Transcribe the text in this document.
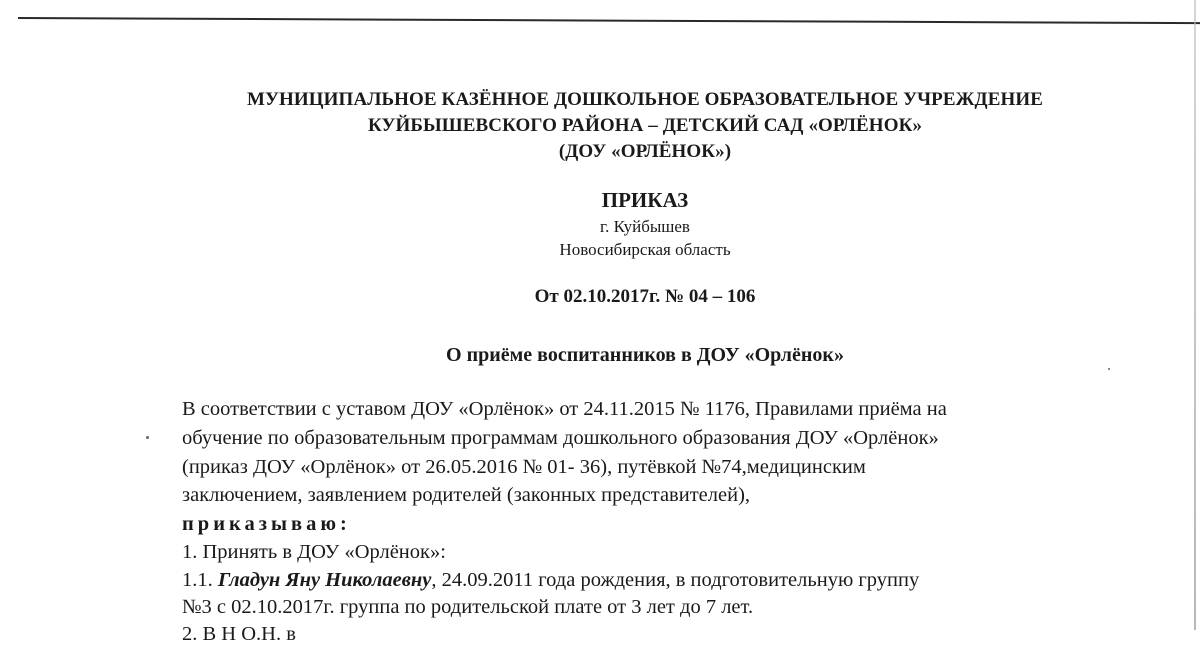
МУНИЦИПАЛЬНОЕ КАЗЁННОЕ ДОШКОЛЬНОЕ ОБРАЗОВАТЕЛЬНОЕ УЧРЕЖДЕНИЕ
КУЙБЫШЕВСКОГО РАЙОНА – ДЕТСКИЙ САД «ОРЛЁНОК»
(ДОУ «ОРЛЁНОК»)
ПРИКАЗ
г. Куйбышев
Новосибирская область
От 02.10.2017г. № 04 – 106
О приёме воспитанников в ДОУ «Орлёнок»
В соответствии с уставом ДОУ «Орлёнок» от 24.11.2015 № 1176, Правилами приёма на
обучение по образовательным программам дошкольного образования ДОУ «Орлёнок»
(приказ ДОУ «Орлёнок» от 26.05.2016 № 01- 36), путёвкой №74,медицинским
заключением, заявлением родителей (законных представителей),
приказываю:
1. Принять в ДОУ «Орлёнок»:
1.1. Гладун Яну Николаевну, 24.09.2011 года рождения, в подготовительную группу
№3 с 02.10.2017г. группа по родительской плате от 3 лет до 7 лет.
2. В Н О.Н. в
